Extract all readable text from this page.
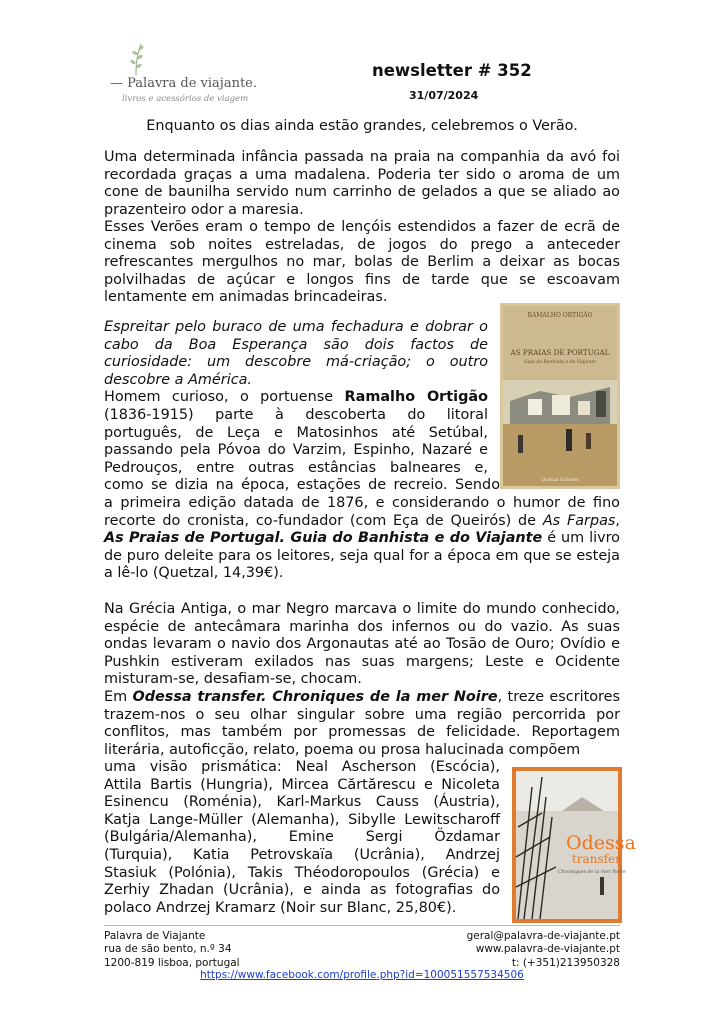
— Palavra de viajante.
livros e acessórios de viagem
newsletter # 352
31/07/2024
Enquanto os dias ainda estão grandes, celebremos o Verão.

Uma determinada infância passada na praia na companhia da avó foi recordada graças a uma madalena. Poderia ter sido o aroma de um cone de baunilha servido num carrinho de gelados a que se aliado ao prazenteiro odor a maresia.

Esses Verões eram o tempo de lençóis estendidos a fazer de ecrã de cinema sob noites estreladas, de jogos do prego a anteceder refrescantes mergulhos no mar, bolas de Berlim a deixar as bocas polvilhadas de açúcar e longos fins de tarde que se escoavam lentamente em animadas brincadeiras.

RAMALHO ORTIGÃO
AS PRAIAS DE PORTUGAL
Guia do Banhista e do Viajante
Quetzal Editores
Espreitar pelo buraco de uma fechadura e dobrar o
cabo da Boa Esperança são dois factos de
curiosidade: um descobre má-criação; o outro
descobre a América.
Homem curioso, o portuense Ramalho Ortigão
(1836-1915) parte à descoberta do litoral
português, de Leça e Matosinhos até Setúbal,
passando pela Póvoa do Varzim, Espinho, Nazaré e
Pedrouços, entre outras estâncias balneares e,
como se dizia na época, estações de recreio. Sendo

a primeira edição datada de 1876, e considerando o humor de fino recorte do cronista, co-fundador (com Eça de Queirós) de As Farpas, As Praias de Portugal. Guia do Banhista e do Viajante é um livro de puro deleite para os leitores, seja qual for a época em que se esteja a lê-lo (Quetzal, 14,39€).

Na Grécia Antiga, o mar Negro marcava o limite do mundo conhecido, espécie de antecâmara marinha dos infernos ou do vazio. As suas ondas levaram o navio dos Argonautas até ao Tosão de Ouro; Ovídio e Pushkin estiveram exilados nas suas margens; Leste e Ocidente misturam-se, desafiam-se, chocam.

Em Odessa transfer. Chroniques de la mer Noire, treze escritores trazem-nos o seu olhar singular sobre uma região percorrida por conflitos, mas também por promessas de felicidade. Reportagem literária, autoficção, relato, poema ou prosa halucinada compõem

uma visão prismática: Neal Ascherson (Escócia),
Attila Bartis (Hungria), Mircea Cărtărescu e Nicoleta
Esinencu (Roménia), Karl-Markus Causs (Áustria),
Katja Lange-Müller (Alemanha), Sibylle Lewitscharoff
(Bulgária/Alemanha), Emine Sergi Özdamar
(Turquia), Katia Petrovskaïa (Ucrânia), Andrzej
Stasiuk (Polónia), Takis Théodoropoulos (Grécia) e
Zerhiy Zhadan (Ucrânia), e ainda as fotografias do
polaco Andrzej Kramarz (Noir sur Blanc, 25,80€).
Odessa
transfer
Chroniques de la mer Noire
Palavra de Viajante
rua de são bento, n.º 34
1200-819 lisboa, portugal
geral@palavra-de-viajante.pt
www.palavra-de-viajante.pt
t: (+351)213950328
https://www.facebook.com/profile.php?id=100051557534506
